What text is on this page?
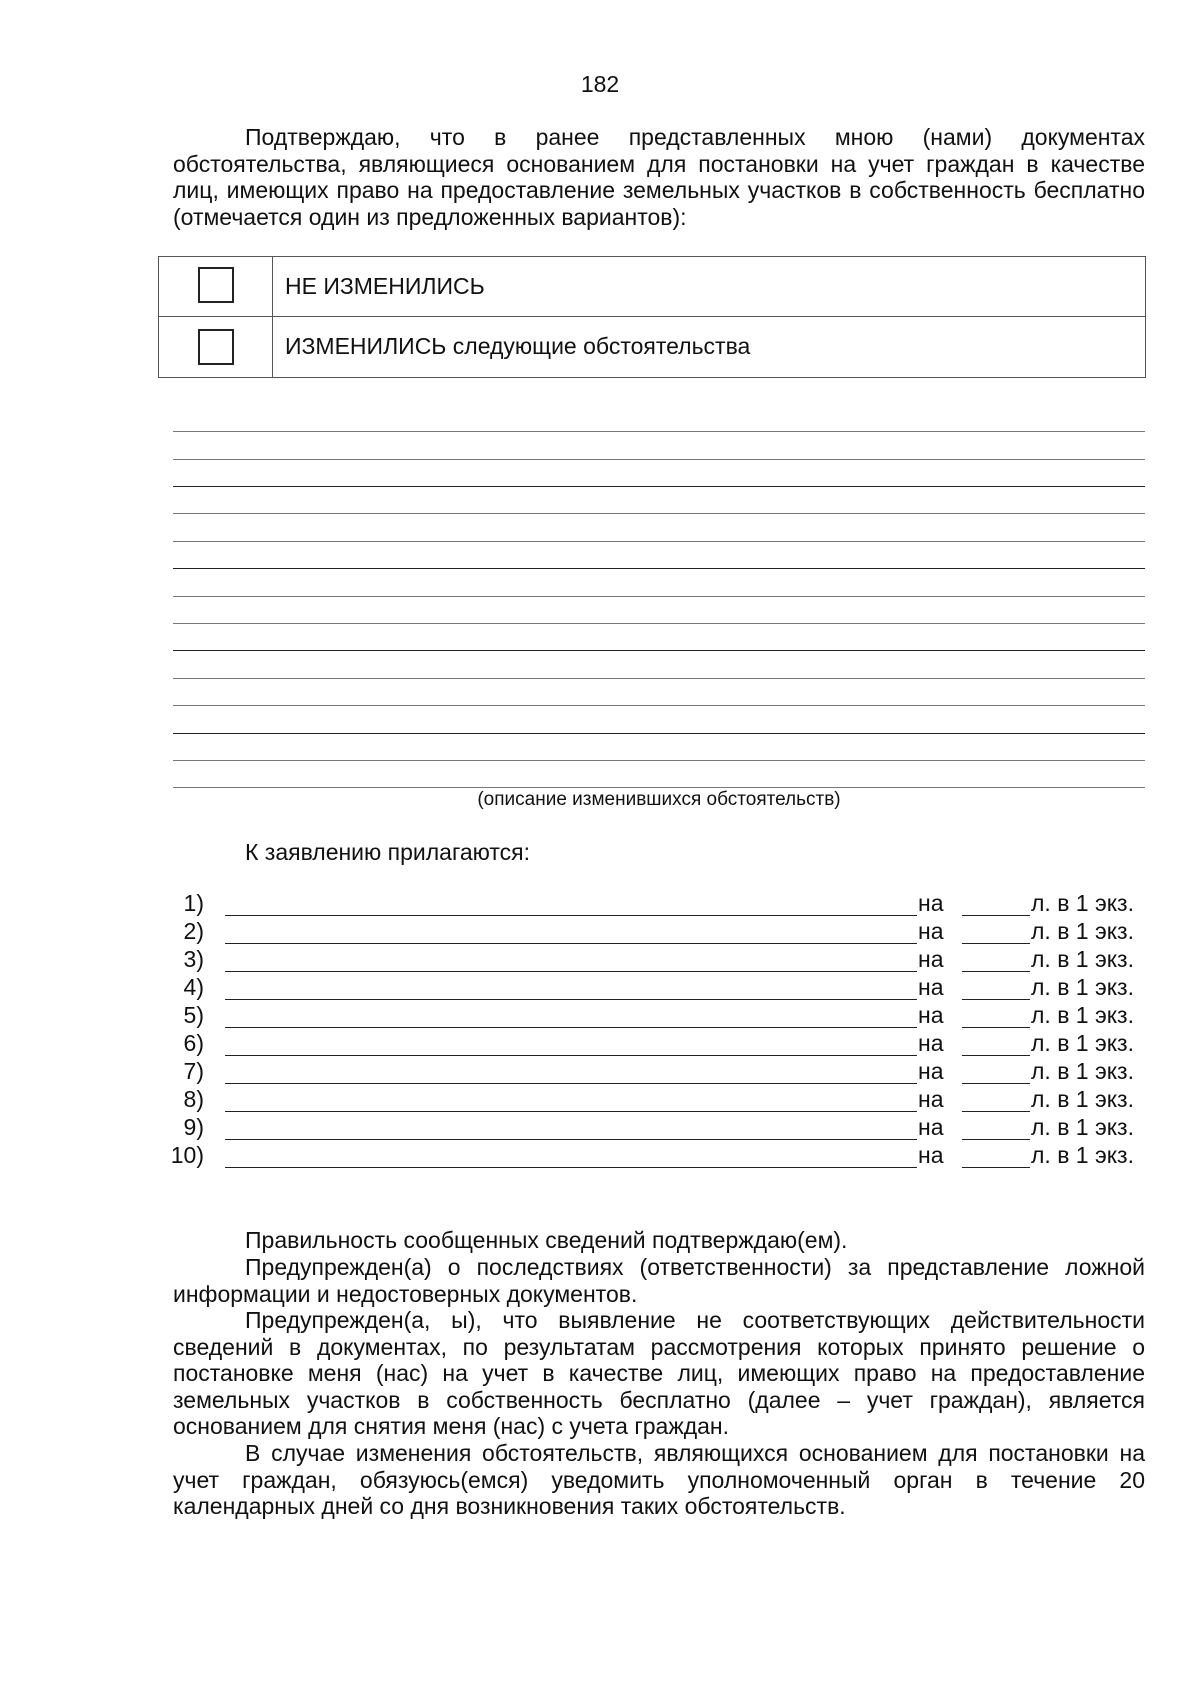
182

Подтверждаю, что в ранее представленных мною (нами) документах обстоятельства, являющиеся основанием для постановки на учет граждан в качестве лиц, имеющих право на предоставление земельных участков в собственность бесплатно (отмечается один из предложенных вариантов):

НЕ ИЗМЕНИЛИСЬ
ИЗМЕНИЛИСЬ следующие обстоятельства
(описание изменившихся обстоятельств)
К заявлению прилагаются:
1)	на	л. в 1 экз.
2)	на	л. в 1 экз.
3)	на	л. в 1 экз.
4)	на	л. в 1 экз.
5)	на	л. в 1 экз.
6)	на	л. в 1 экз.
7)	на	л. в 1 экз.
8)	на	л. в 1 экз.
9)	на	л. в 1 экз.
10)	на	л. в 1 экз.

Правильность сообщенных сведений подтверждаю(ем).

Предупрежден(а) о последствиях (ответственности) за представление ложной информации и недостоверных документов.

Предупрежден(а, ы), что выявление не соответствующих действительности сведений в документах, по результатам рассмотрения которых принято решение о постановке меня (нас) на учет в качестве лиц, имеющих право на предоставление земельных участков в собственность бесплатно (далее – учет граждан), является основанием для снятия меня (нас) с учета граждан.

В случае изменения обстоятельств, являющихся основанием для постановки на учет граждан, обязуюсь(емся) уведомить уполномоченный орган в течение 20 календарных дней со дня возникновения таких обстоятельств.
